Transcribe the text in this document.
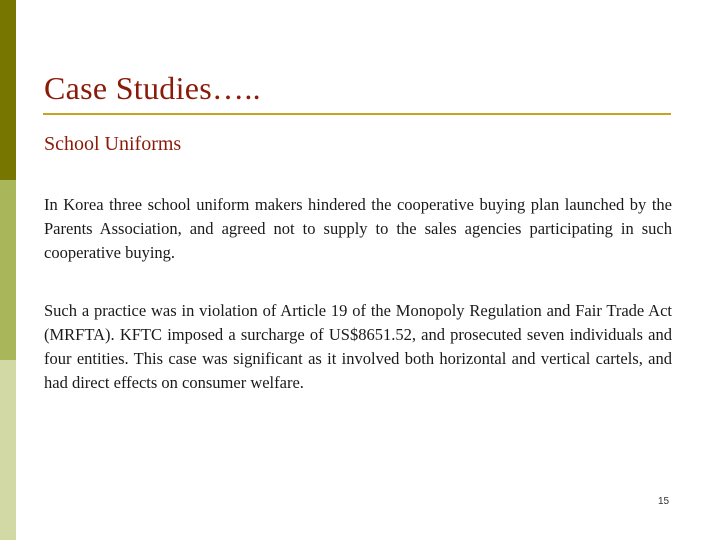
Case Studies…..
School Uniforms

In Korea three school uniform makers hindered the cooperative buying plan launched by the Parents Association, and agreed not to supply to the sales agencies participating in such cooperative buying.

Such a practice was in violation of Article 19 of the Monopoly Regulation and Fair Trade Act (MRFTA). KFTC imposed a surcharge of US$8651.52, and prosecuted seven individuals and four entities. This case was significant as it involved both horizontal and vertical cartels, and had direct effects on consumer welfare.

15
